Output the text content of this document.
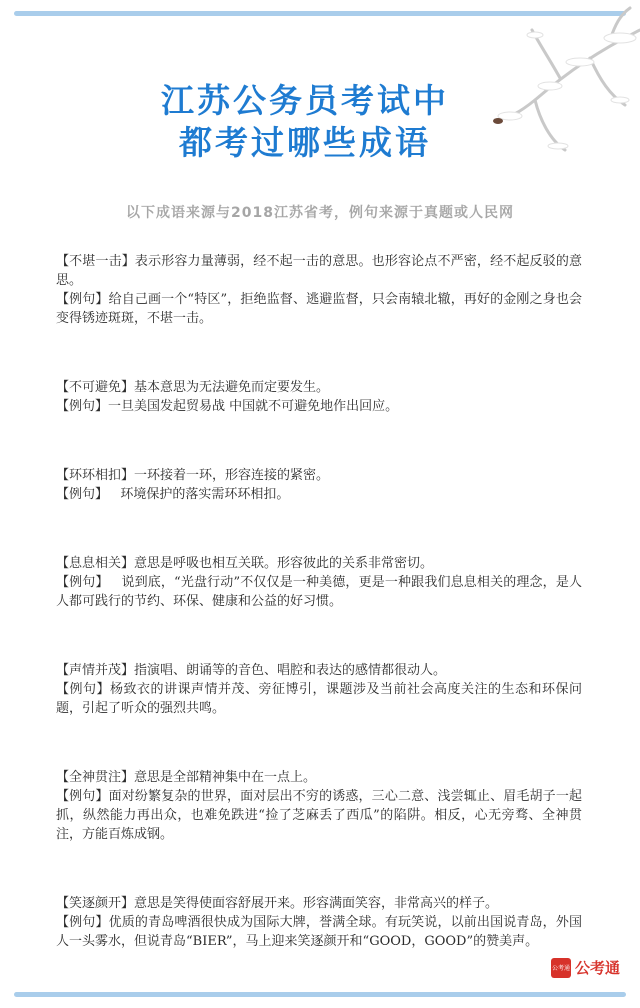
江苏公务员考试中
都考过哪些成语
以下成语来源与2018江苏省考，例句来源于真题或人民网

【不堪一击】表示形容力量薄弱，经不起一击的意思。也形容论点不严密，经不起反驳的意思。

【例句】给自己画一个“特区”，拒绝监督、逃避监督，只会南辕北辙，再好的金刚之身也会变得锈迹斑斑，不堪一击。

【不可避免】基本意思为无法避免而定要发生。

【例句】一旦美国发起贸易战 中国就不可避免地作出回应。

【环环相扣】一环接着一环，形容连接的紧密。

【例句】   环境保护的落实需环环相扣。

【息息相关】意思是呼吸也相互关联。形容彼此的关系非常密切。

【例句】   说到底，“光盘行动”不仅仅是一种美德，更是一种跟我们息息相关的理念，是人人都可践行的节约、环保、健康和公益的好习惯。

【声情并茂】指演唱、朗诵等的音色、唱腔和表达的感情都很动人。

【例句】杨致衣的讲课声情并茂、旁征博引，课题涉及当前社会高度关注的生态和环保问题，引起了听众的强烈共鸣。

【全神贯注】意思是全部精神集中在一点上。

【例句】面对纷繁复杂的世界，面对层出不穷的诱惑，三心二意、浅尝辄止、眉毛胡子一起抓，纵然能力再出众，也难免跌进“捡了芝麻丢了西瓜”的陷阱。相反，心无旁骛、全神贯注，方能百炼成钢。

【笑逐颜开】意思是笑得使面容舒展开来。形容满面笑容，非常高兴的样子。

【例句】优质的青岛啤酒很快成为国际大牌，誉满全球。有玩笑说，以前出国说青岛，外国人一头雾水，但说青岛“BIER”，马上迎来笑逐颜开和“GOOD，GOOD”的赞美声。

公考通 公考通
